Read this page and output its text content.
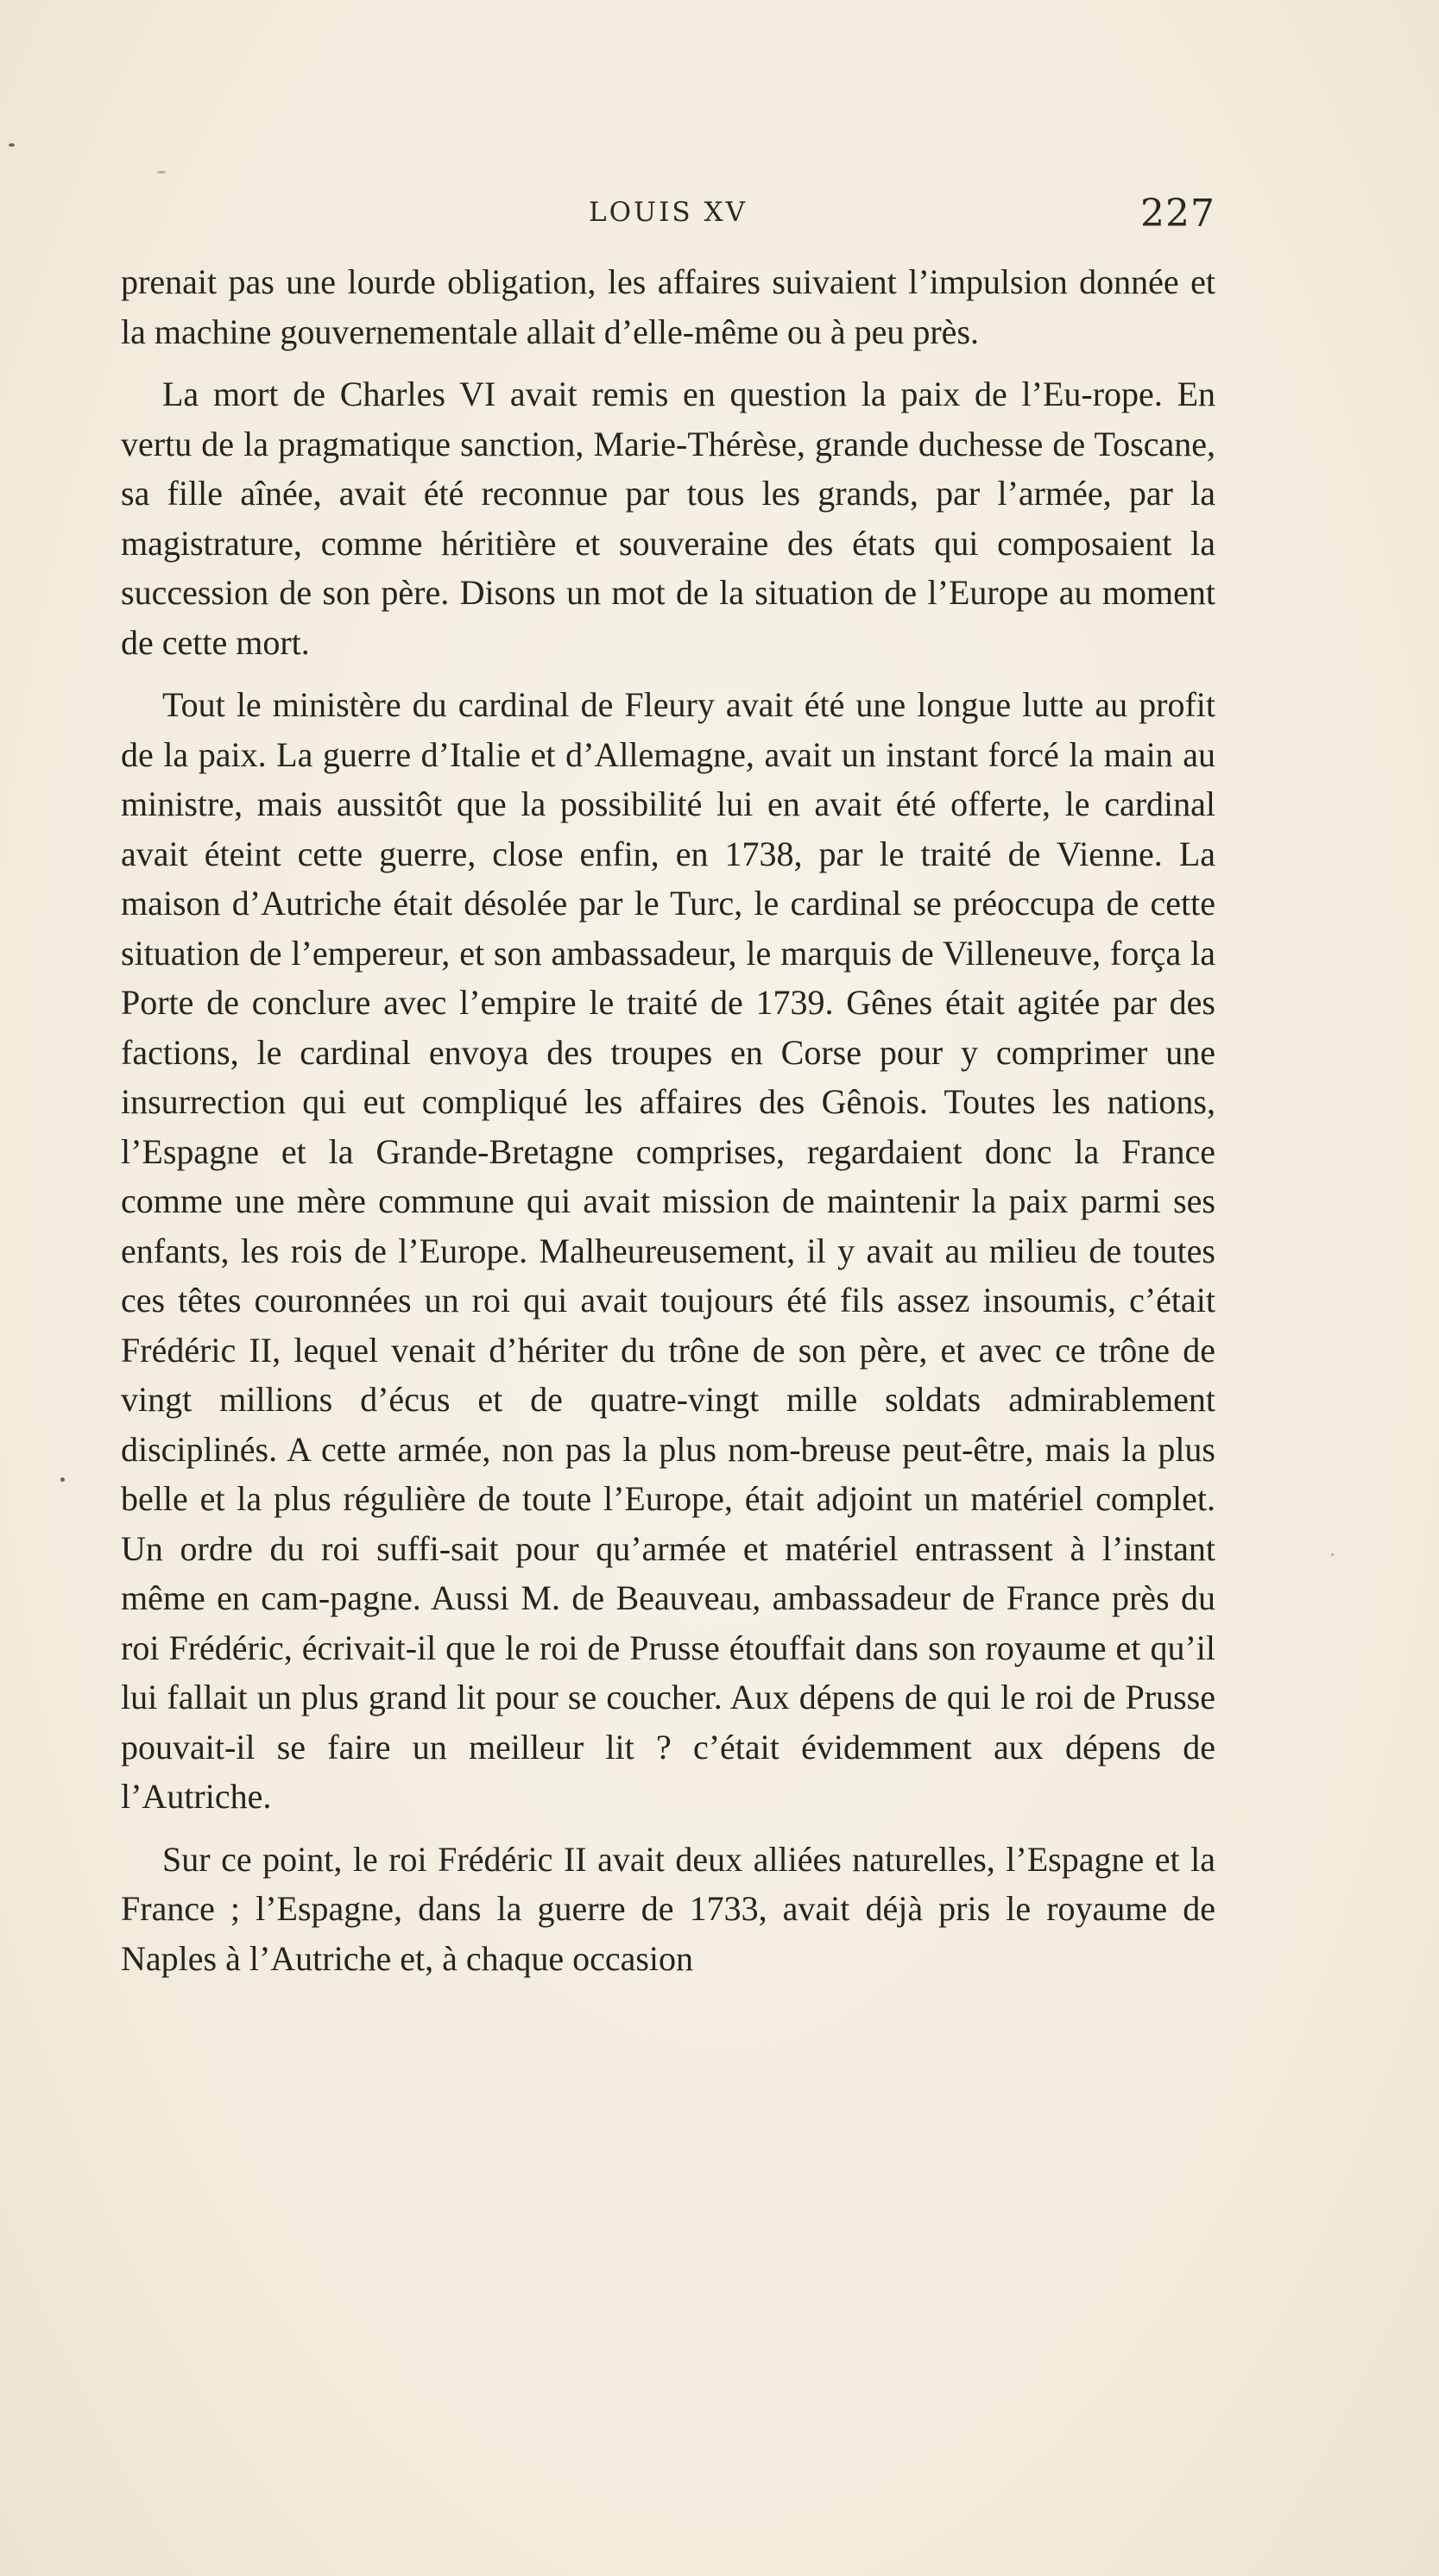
LOUIS XV	227

prenait pas une lourde obligation, les affaires suivaient l’impulsion donnée et la machine gouvernementale allait d’elle-même ou à peu près.

La mort de Charles VI avait remis en question la paix de l’Eu-rope. En vertu de la pragmatique sanction, Marie-Thérèse, grande duchesse de Toscane, sa fille aînée, avait été reconnue par tous les grands, par l’armée, par la magistrature, comme héritière et souveraine des états qui composaient la succession de son père. Disons un mot de la situation de l’Europe au moment de cette mort.

Tout le ministère du cardinal de Fleury avait été une longue lutte au profit de la paix. La guerre d’Italie et d’Allemagne, avait un instant forcé la main au ministre, mais aussitôt que la possibilité lui en avait été offerte, le cardinal avait éteint cette guerre, close enfin, en 1738, par le traité de Vienne. La maison d’Autriche était désolée par le Turc, le cardinal se préoccupa de cette situation de l’empereur, et son ambassadeur, le marquis de Villeneuve, força la Porte de conclure avec l’empire le traité de 1739. Gênes était agitée par des factions, le cardinal envoya des troupes en Corse pour y comprimer une insurrection qui eut compliqué les affaires des Gênois. Toutes les nations, l’Espagne et la Grande-Bretagne comprises, regardaient donc la France comme une mère commune qui avait mission de maintenir la paix parmi ses enfants, les rois de l’Europe. Malheureusement, il y avait au milieu de toutes ces têtes couronnées un roi qui avait toujours été fils assez insoumis, c’était Frédéric II, lequel venait d’hériter du trône de son père, et avec ce trône de vingt millions d’écus et de quatre-vingt mille soldats admirablement disciplinés. A cette armée, non pas la plus nom-breuse peut-être, mais la plus belle et la plus régulière de toute l’Europe, était adjoint un matériel complet. Un ordre du roi suffi-sait pour qu’armée et matériel entrassent à l’instant même en cam-pagne. Aussi M. de Beauveau, ambassadeur de France près du roi Frédéric, écrivait-il que le roi de Prusse étouffait dans son royaume et qu’il lui fallait un plus grand lit pour se coucher. Aux dépens de qui le roi de Prusse pouvait-il se faire un meilleur lit ? c’était évidemment aux dépens de l’Autriche.

Sur ce point, le roi Frédéric II avait deux alliées naturelles, l’Espagne et la France ; l’Espagne, dans la guerre de 1733, avait déjà pris le royaume de Naples à l’Autriche et, à chaque occasion
